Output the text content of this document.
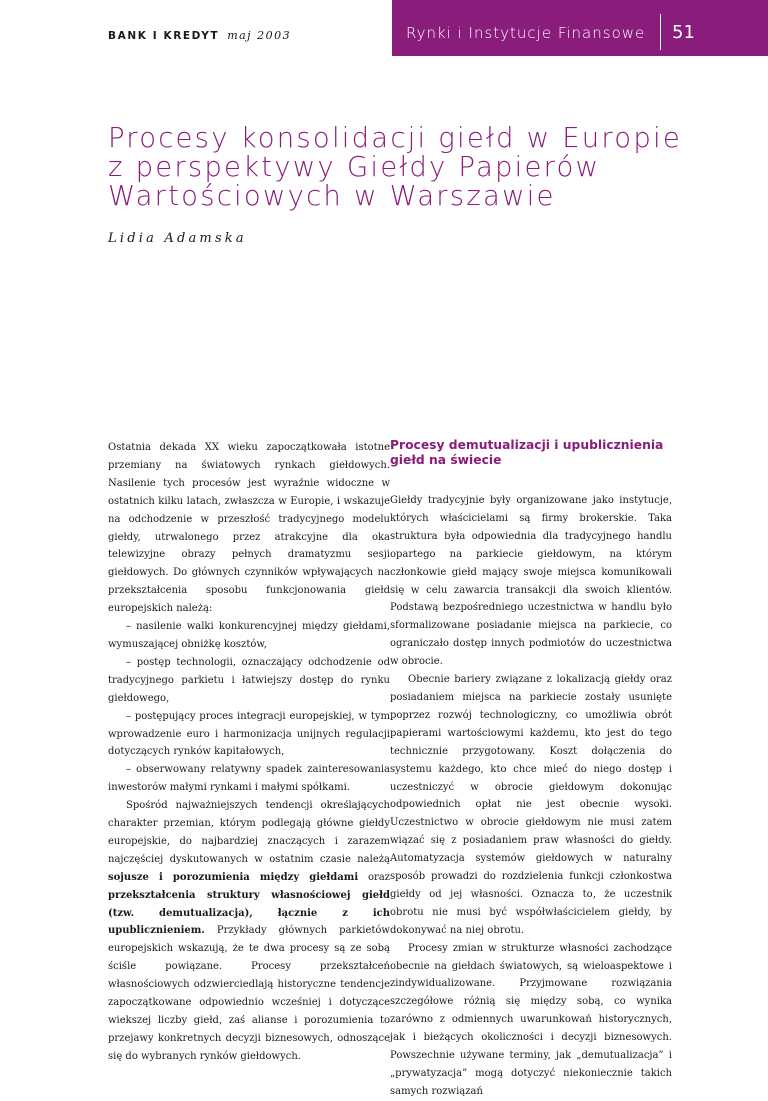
BANK I KREDYT maj 2003	Rynki i Instytucje Finansowe	51
Procesy konsolidacji giełd w Europie
z perspektywy Giełdy Papierów
Wartościowych w Warszawie
Lidia Adamska

Ostatnia dekada XX wieku zapoczątkowała istotne przemiany na światowych rynkach giełdowych. Nasilenie tych procesów jest wyraźnie widoczne w ostatnich kilku latach, zwłaszcza w Europie, i wskazuje na odchodzenie w przeszłość tradycyjnego modelu giełdy, utrwalonego przez atrakcyjne dla oka telewizyjne obrazy pełnych dramatyzmu sesji giełdowych. Do głównych czynników wpływających na przekształcenia sposobu funkcjonowania giełd europejskich należą:

– nasilenie walki konkurencyjnej między giełdami, wymuszającej obniżkę kosztów,

– postęp technologii, oznaczający odchodzenie od tradycyjnego parkietu i łatwiejszy dostęp do rynku giełdowego,

– postępujący proces integracji europejskiej, w tym wprowadzenie euro i harmonizacja unijnych regulacji dotyczących rynków kapitałowych,

– obserwowany relatywny spadek zainteresowania inwestorów małymi rynkami i małymi spółkami.

Spośród najważniejszych tendencji określających charakter przemian, którym podlegają główne giełdy europejskie, do najbardziej znaczących i zarazem najczęściej dyskutowanych w ostatnim czasie należą sojusze i porozumienia między giełdami oraz przekształcenia struktury własnościowej giełd (tzw. demutualizacja), łącznie z ich upublicznieniem. Przykłady głównych parkietów europejskich wskazują, że te dwa procesy są ze sobą ściśle powiązane. Procesy przekształceń własnościowych odzwierciedlają historyczne tendencje zapoczątkowane odpowiednio wcześniej i dotyczące wiekszej liczby giełd, zaś alianse i porozumienia to przejawy konkretnych decyzji biznesowych, odnoszące się do wybranych rynków giełdowych.

Procesy demutualizacji i upublicznienia giełd na świecie

Giełdy tradycyjnie były organizowane jako instytucje, których właścicielami są firmy brokerskie. Taka struktura była odpowiednia dla tradycyjnego handlu opartego na parkiecie giełdowym, na którym członkowie giełd mający swoje miejsca komunikowali się w celu zawarcia transakcji dla swoich klientów. Podstawą bezpośredniego uczestnictwa w handlu było sformalizowane posiadanie miejsca na parkiecie, co ograniczało dostęp innych podmiotów do uczestnictwa w obrocie.

Obecnie bariery związane z lokalizacją giełdy oraz posiadaniem miejsca na parkiecie zostały usunięte poprzez rozwój technologiczny, co umożliwia obrót papierami wartościowymi każdemu, kto jest do tego technicznie przygotowany. Koszt dołączenia do systemu każdego, kto chce mieć do niego dostęp i uczestniczyć w obrocie giełdowym dokonując odpowiednich opłat nie jest obecnie wysoki. Uczestnictwo w obrocie giełdowym nie musi zatem wiązać się z posiadaniem praw własności do giełdy. Automatyzacja systemów giełdowych w naturalny sposób prowadzi do rozdzielenia funkcji członkostwa giełdy od jej własności. Oznacza to, że uczestnik obrotu nie musi być współwłaścicielem giełdy, by dokonywać na niej obrotu.

Procesy zmian w strukturze własności zachodzące obecnie na giełdach światowych, są wieloaspektowe i zindywidualizowane. Przyjmowane rozwiązania szczegółowe różnią się między sobą, co wynika zarówno z odmiennych uwarunkowań historycznych, jak i bieżących okoliczności i decyzji biznesowych. Powszechnie używane terminy, jak „demutualizacja” i „prywatyzacja” mogą dotyczyć niekoniecznie takich samych rozwiązań
